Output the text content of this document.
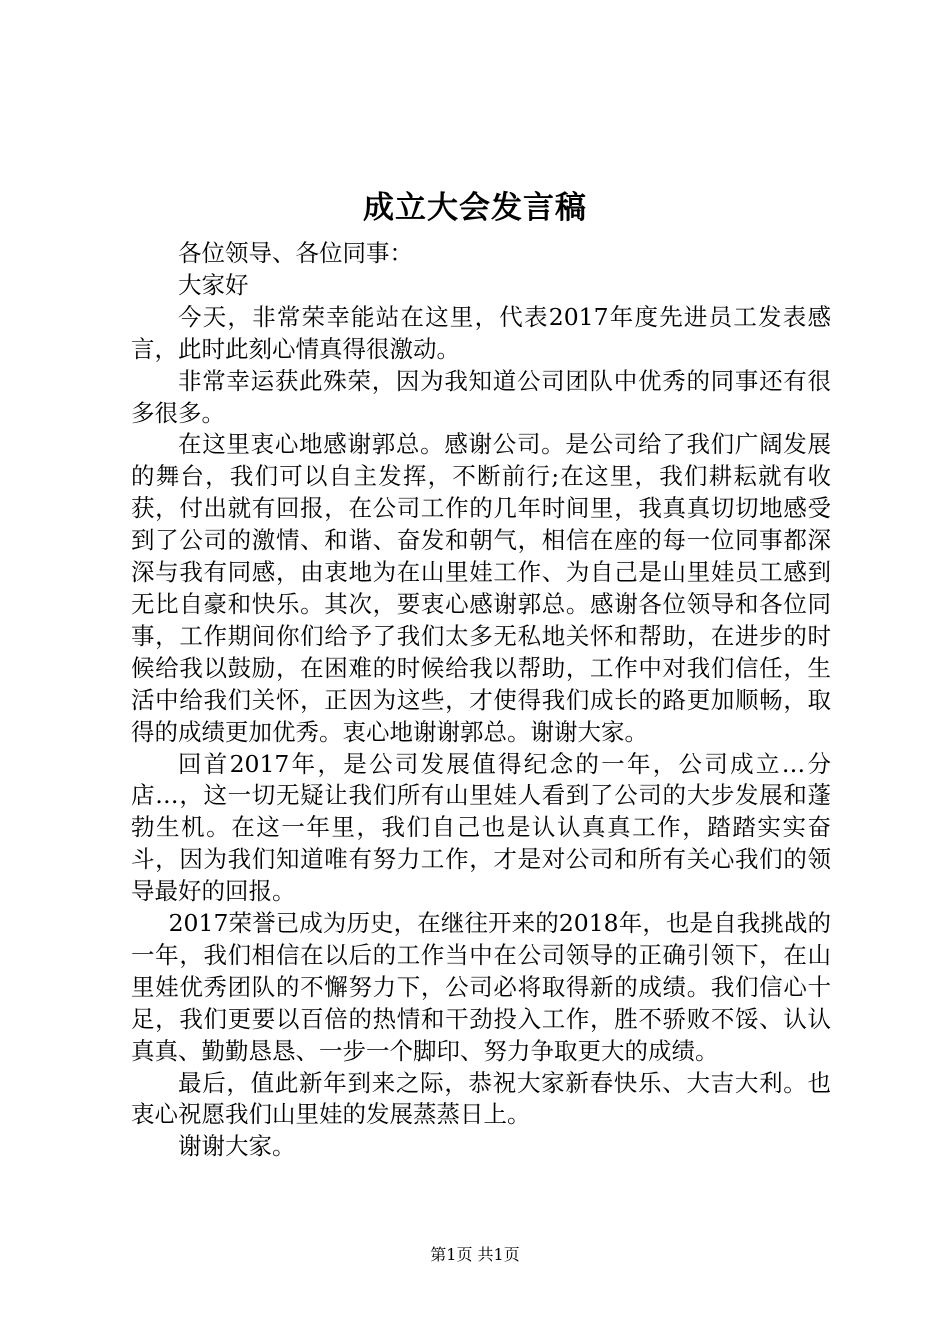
成立大会发言稿

各位领导、各位同事：

大家好

今天，非常荣幸能站在这里，代表2017年度先进员工发表感言，此时此刻心情真得很激动。

非常幸运获此殊荣，因为我知道公司团队中优秀的同事还有很多很多。

在这里衷心地感谢郭总。感谢公司。是公司给了我们广阔发展的舞台，我们可以自主发挥，不断前行;在这里，我们耕耘就有收获，付出就有回报，在公司工作的几年时间里，我真真切切地感受到了公司的激情、和谐、奋发和朝气，相信在座的每一位同事都深深与我有同感，由衷地为在山里娃工作、为自己是山里娃员工感到无比自豪和快乐。其次，要衷心感谢郭总。感谢各位领导和各位同事，工作期间你们给予了我们太多无私地关怀和帮助，在进步的时候给我以鼓励，在困难的时候给我以帮助，工作中对我们信任，生活中给我们关怀，正因为这些，才使得我们成长的路更加顺畅，取得的成绩更加优秀。衷心地谢谢郭总。谢谢大家。

回首2017年，是公司发展值得纪念的一年，公司成立…分店…，这一切无疑让我们所有山里娃人看到了公司的大步发展和蓬勃生机。在这一年里，我们自己也是认认真真工作，踏踏实实奋斗，因为我们知道唯有努力工作，才是对公司和所有关心我们的领导最好的回报。

2017荣誉已成为历史，在继往开来的2018年，也是自我挑战的一年，我们相信在以后的工作当中在公司领导的正确引领下，在山里娃优秀团队的不懈努力下，公司必将取得新的成绩。我们信心十足，我们更要以百倍的热情和干劲投入工作，胜不骄败不馁、认认真真、勤勤恳恳、一步一个脚印、努力争取更大的成绩。

最后，值此新年到来之际，恭祝大家新春快乐、大吉大利。也衷心祝愿我们山里娃的发展蒸蒸日上。

谢谢大家。

第1页 共1页
